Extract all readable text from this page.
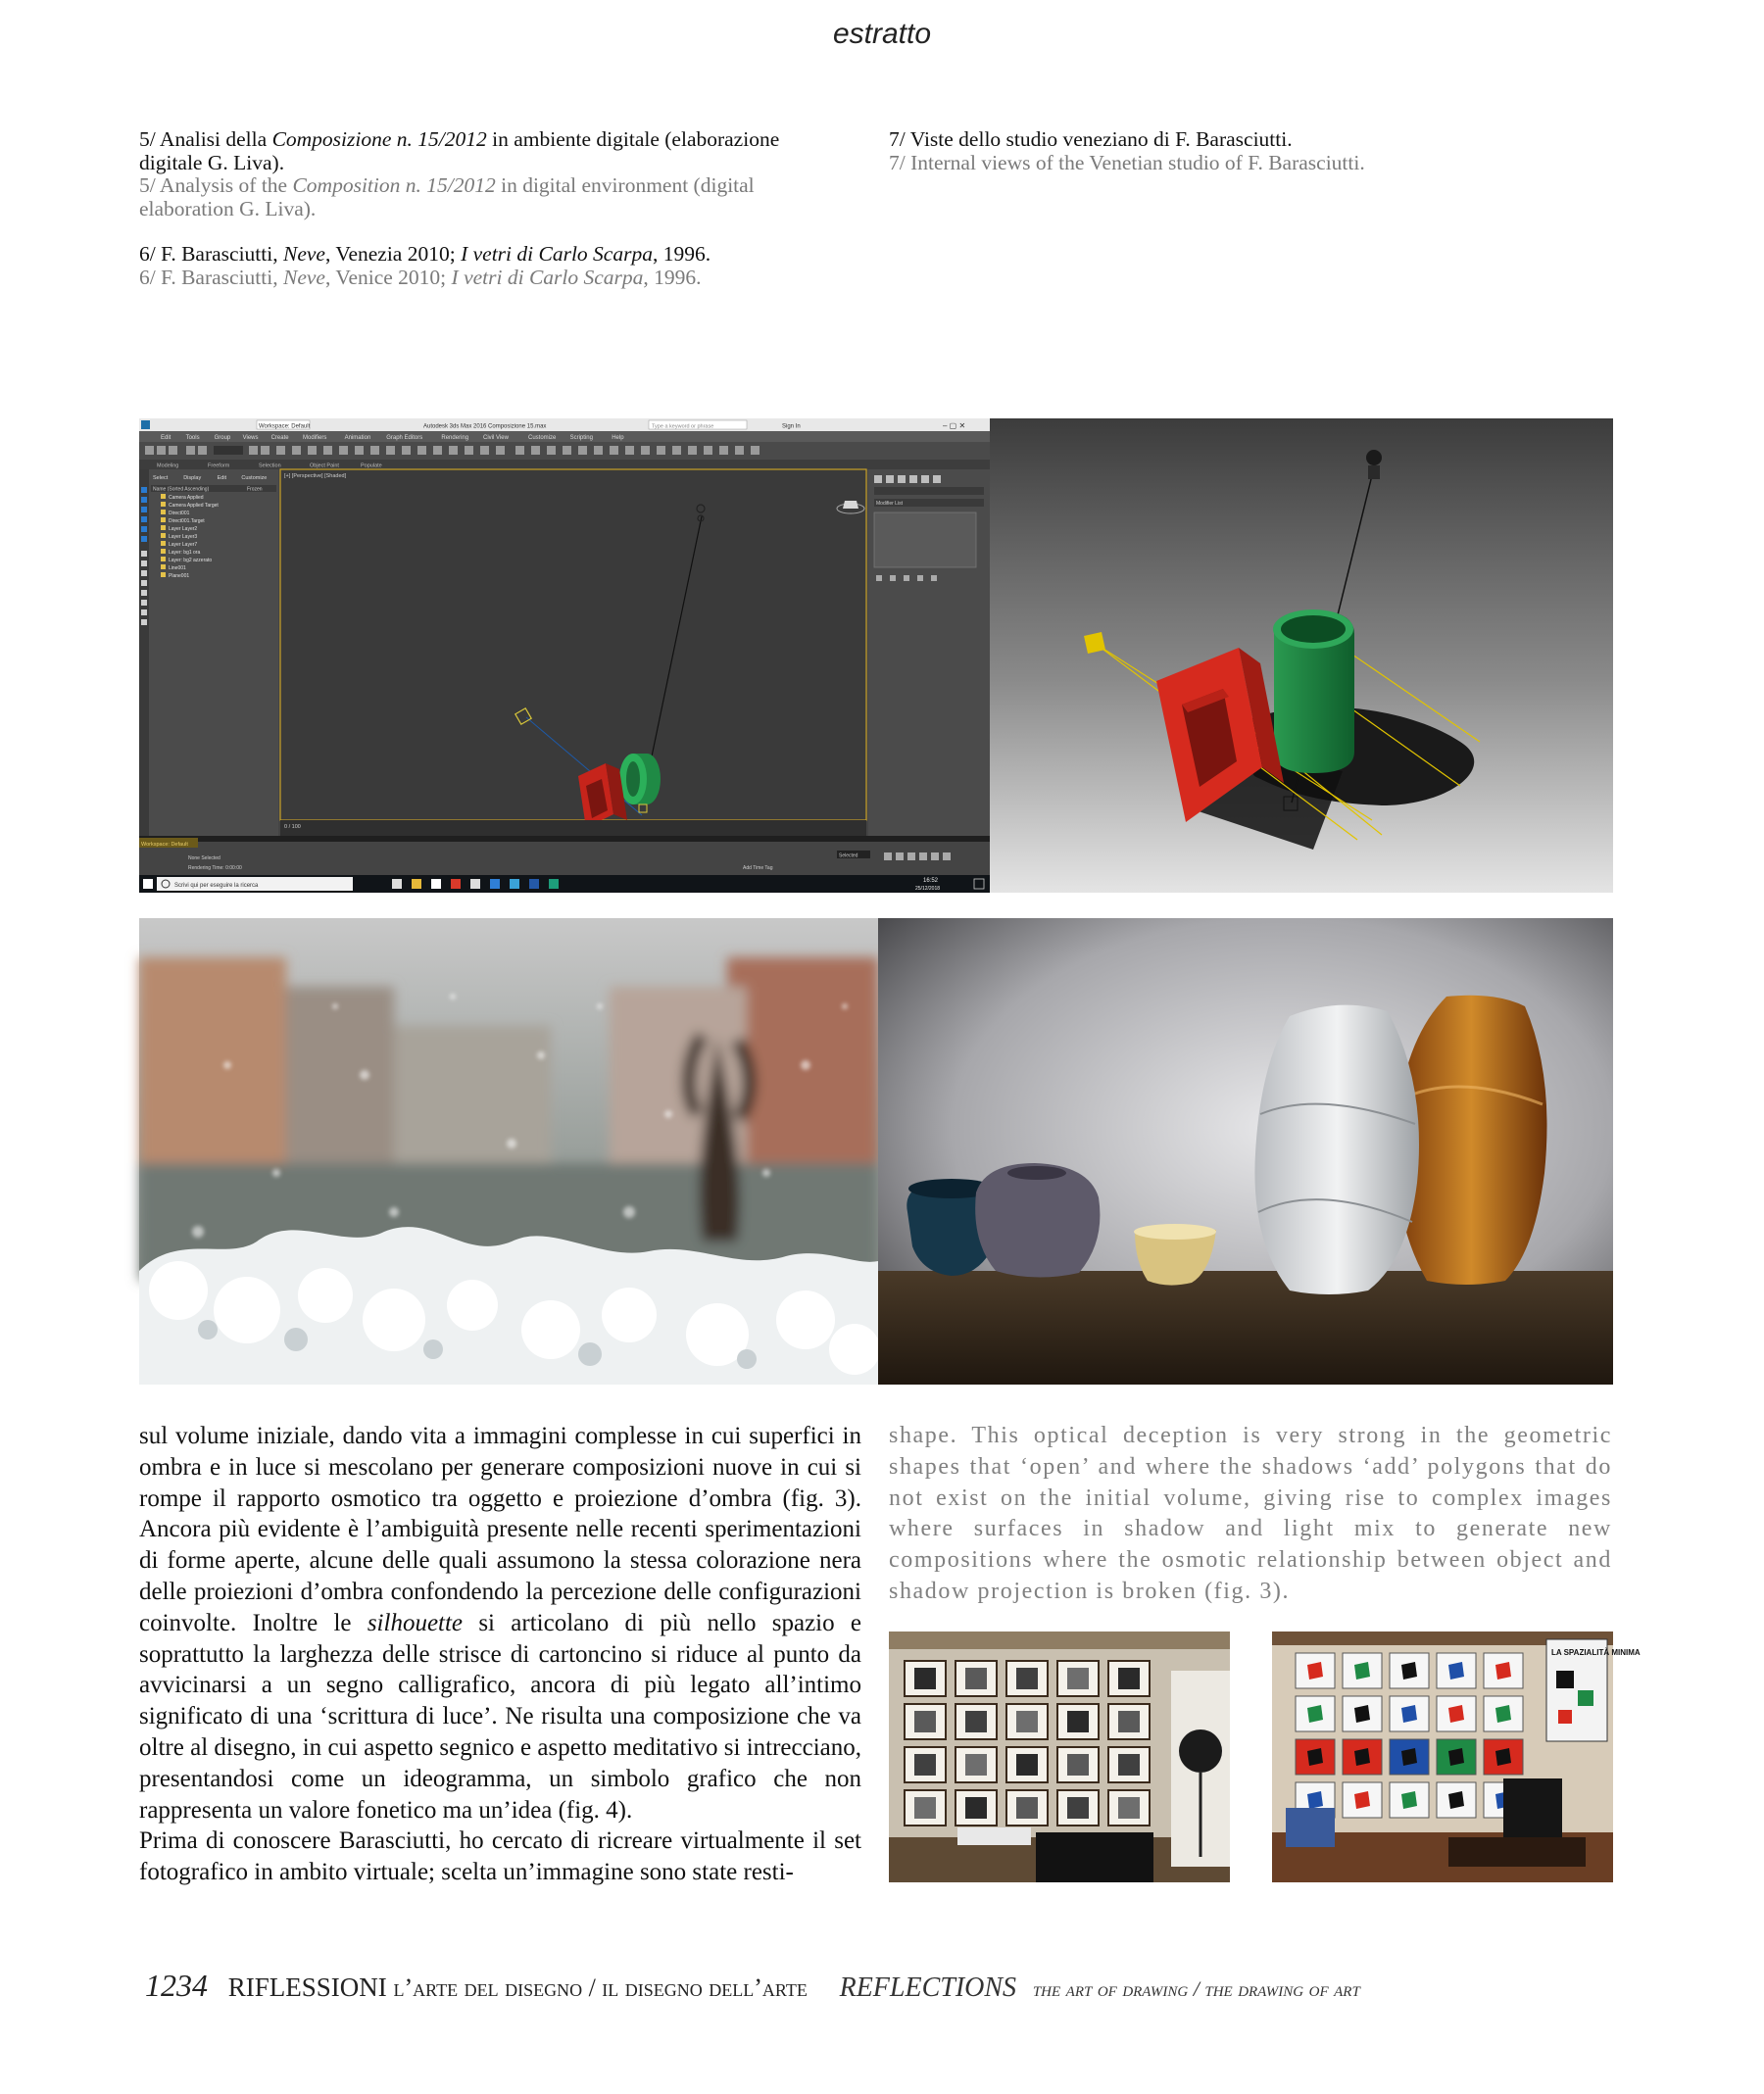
estratto

5/ Analisi della Composizione n. 15/2012 in ambiente digitale (elaborazione digitale G. Liva).

5/ Analysis of the Composition n. 15/2012 in digital environment (digital elaboration G. Liva).

6/ F. Barasciutti, Neve, Venezia 2010; I vetri di Carlo Scarpa, 1996.

6/ F. Barasciutti, Neve, Venice 2010; I vetri di Carlo Scarpa, 1996.

7/ Viste dello studio veneziano di F. Barasciutti.

7/ Internal views of the Venetian studio of F. Barasciutti.

Workspace: Default	Autodesk 3ds Max 2016 Composizione 15.max	Type a keyword or phrase	Sign In	– ▢ ✕
Edit	Tools Group Views Create Modifiers	Animation	Graph Editors	Rendering Civil View	Customize Scripting	Help
Modeling	Freeform	Selection	Object Paint	Populate
Select	Display	Edit	Customize
Name (Sorted Ascending)	Frozen
Camera Applied
Camera Applied Target
Direct001
Direct001.Target
Layer Layer2
Layer Layer3
Layer Layer7
Layer: bg1 ora
Layer: bg2 azzerato
Line001
Plane001
[+] [Perspective] [Shaded]
Modifier List
0 / 100
Workspace: Default
None Selected
Rendering Time: 0:00:00	Add Time Tag
Selected
Scrivi qui per eseguire la ricerca
16:52
25/12/2018

sul volume iniziale, dando vita a immagini complesse in cui superfici in ombra e in luce si mescolano per generare composizioni nuove in cui si rompe il rapporto osmotico tra oggetto e proiezione d’ombra (fig. 3). Ancora più evidente è l’ambiguità presente nelle recenti sperimentazioni di forme aperte, alcune delle quali assumono la stessa colorazione nera delle proiezioni d’ombra confondendo la percezione delle configurazioni coinvolte. Inoltre le silhouette si articolano di più nello spazio e soprattutto la larghezza delle strisce di cartoncino si riduce al punto da avvicinarsi a un segno calligrafico, ancora di più legato all’intimo significato di una ‘scrittura di luce’. Ne risulta una composizione che va oltre al disegno, in cui aspetto segnico e aspetto meditativo si intrecciano, presentandosi come un ideogramma, un simbolo grafico che non rappresenta un valore fonetico ma un’idea (fig. 4).

Prima di conoscere Barasciutti, ho cercato di ricreare virtualmente il set fotografico in ambito virtuale; scelta un’immagine sono state resti-

shape. This optical deception is very strong in the geometric shapes that ‘open’ and where the shadows ‘add’ polygons that do not exist on the initial volume, giving rise to complex images where surfaces in shadow and light mix to generate new compositions where the osmotic relationship between object and shadow projection is broken (fig. 3).

LA SPAZIALITÀ MINIMA
1234 RIFLESSIONI l’arte del disegno / il disegno dell’arte REFLECTIONS the art of drawing / the drawing of art
